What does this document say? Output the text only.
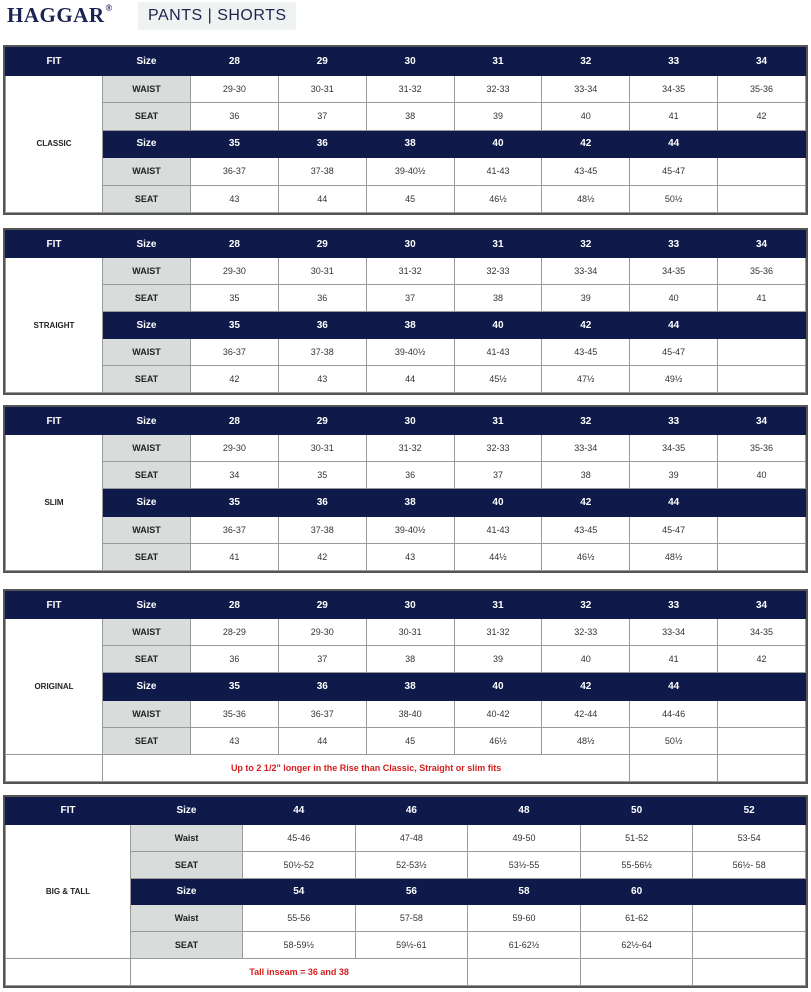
HAGGAR®	PANTS | SHORTS
FIT	Size	28	29	30	31	32	33	34
CLASSIC	WAIST	29-30	30-31	31-32	32-33	33-34	34-35	35-36
	SEAT	36	37	38	39	40	41	42
	Size	35	36	38	40	42	44	
	WAIST	36-37	37-38	39-40½	41-43	43-45	45-47	
	SEAT	43	44	45	46½	48½	50½	
FIT	Size	28	29	30	31	32	33	34
STRAIGHT	WAIST	29-30	30-31	31-32	32-33	33-34	34-35	35-36
	SEAT	35	36	37	38	39	40	41
	Size	35	36	38	40	42	44	
	WAIST	36-37	37-38	39-40½	41-43	43-45	45-47	
	SEAT	42	43	44	45½	47½	49½	
FIT	Size	28	29	30	31	32	33	34
SLIM	WAIST	29-30	30-31	31-32	32-33	33-34	34-35	35-36
	SEAT	34	35	36	37	38	39	40
	Size	35	36	38	40	42	44	
	WAIST	36-37	37-38	39-40½	41-43	43-45	45-47	
	SEAT	41	42	43	44½	46½	48½	
FIT	Size	28	29	30	31	32	33	34
ORIGINAL	WAIST	28-29	29-30	30-31	31-32	32-33	33-34	34-35
	SEAT	36	37	38	39	40	41	42
	Size	35	36	38	40	42	44	
	WAIST	35-36	36-37	38-40	40-42	42-44	44-46	
	SEAT	43	44	45	46½	48½	50½	
	Up to 2 1/2" longer in the Rise than Classic, Straight or slim fits							
FIT	Size	44	46	48	50	52
BIG & TALL	Waist	45-46	47-48	49-50	51-52	53-54
	SEAT	50½-52	52-53½	53½-55	55-56½	56½- 58
	Size	54	56	58	60	
	Waist	55-56	57-58	59-60	61-62	
	SEAT	58-59½	59½-61	61-62½	62½-64	
	Tall inseam = 36 and 38					
